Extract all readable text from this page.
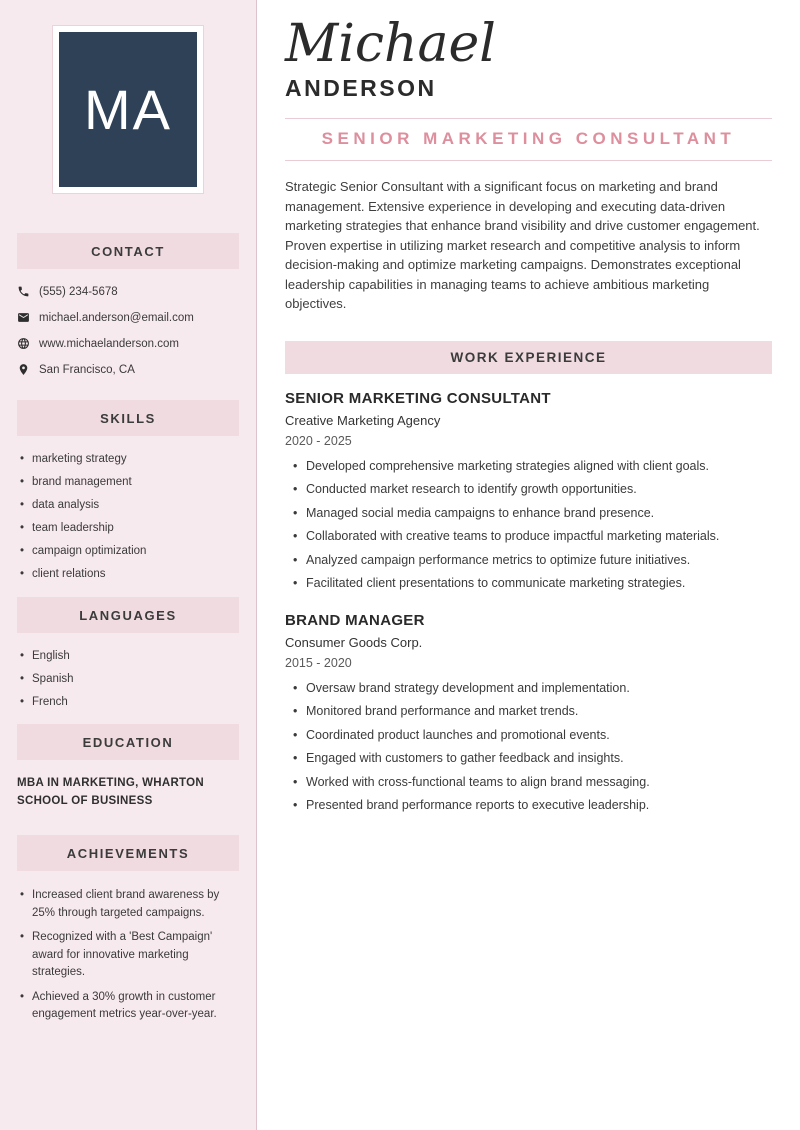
MA
CONTACT
(555) 234-5678
michael.anderson@email.com
www.michaelanderson.com
San Francisco, CA
SKILLS
• marketing strategy
• brand management
• data analysis
• team leadership
• campaign optimization
• client relations
LANGUAGES
• English
• Spanish
• French
EDUCATION

MBA IN MARKETING, WHARTON SCHOOL OF BUSINESS

ACHIEVEMENTS
• Increased client brand awareness by 25% through targeted campaigns.
• Recognized with a 'Best Campaign' award for innovative marketing strategies.
• Achieved a 30% growth in customer engagement metrics year-over-year.
Michael
ANDERSON
SENIOR MARKETING CONSULTANT

Strategic Senior Consultant with a significant focus on marketing and brand management. Extensive experience in developing and executing data-driven marketing strategies that enhance brand visibility and drive customer engagement. Proven expertise in utilizing market research and competitive analysis to inform decision-making and optimize marketing campaigns. Demonstrates exceptional leadership capabilities in managing teams to achieve ambitious marketing objectives.

WORK EXPERIENCE
SENIOR MARKETING CONSULTANT
Creative Marketing Agency
2020 - 2025
• Developed comprehensive marketing strategies aligned with client goals.
• Conducted market research to identify growth opportunities.
• Managed social media campaigns to enhance brand presence.
• Collaborated with creative teams to produce impactful marketing materials.
• Analyzed campaign performance metrics to optimize future initiatives.
• Facilitated client presentations to communicate marketing strategies.
BRAND MANAGER
Consumer Goods Corp.
2015 - 2020
• Oversaw brand strategy development and implementation.
• Monitored brand performance and market trends.
• Coordinated product launches and promotional events.
• Engaged with customers to gather feedback and insights.
• Worked with cross-functional teams to align brand messaging.
• Presented brand performance reports to executive leadership.
